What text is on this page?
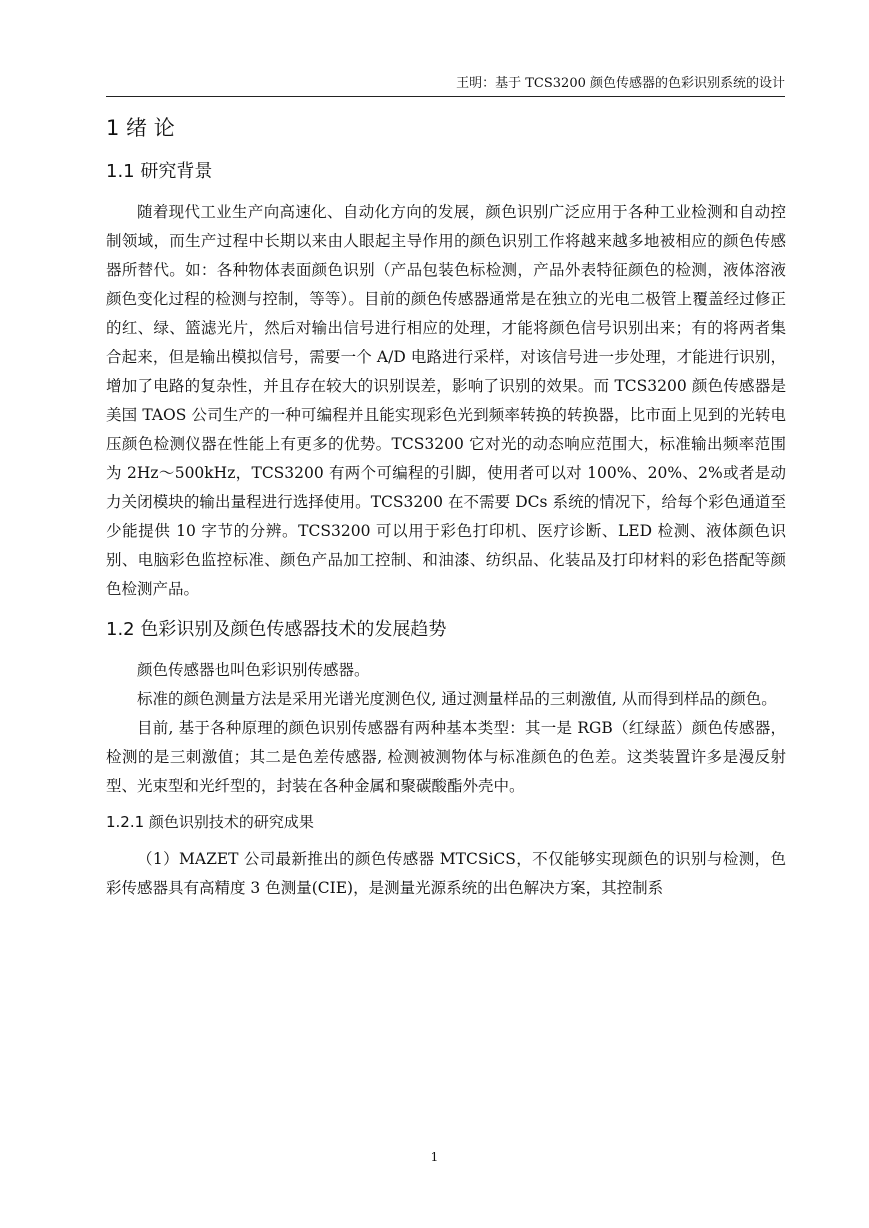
王明：基于 TCS3200 颜色传感器的色彩识别系统的设计
1 绪 论
1.1 研究背景

随着现代工业生产向高速化、自动化方向的发展，颜色识别广泛应用于各种工业检测和自动控制领域，而生产过程中长期以来由人眼起主导作用的颜色识别工作将越来越多地被相应的颜色传感器所替代。如：各种物体表面颜色识别（产品包装色标检测，产品外表特征颜色的检测，液体溶液颜色变化过程的检测与控制，等等）。目前的颜色传感器通常是在独立的光电二极管上覆盖经过修正的红、绿、篮滤光片，然后对输出信号进行相应的处理，才能将颜色信号识别出来；有的将两者集合起来，但是输出模拟信号，需要一个 A/D 电路进行采样，对该信号进一步处理，才能进行识别，增加了电路的复杂性，并且存在较大的识别误差，影响了识别的效果。而 TCS3200 颜色传感器是美国 TAOS 公司生产的一种可编程并且能实现彩色光到频率转换的转换器，比市面上见到的光转电压颜色检测仪器在性能上有更多的优势。TCS3200 它对光的动态响应范围大，标准输出频率范围为 2Hz～500kHz，TCS3200 有两个可编程的引脚，使用者可以对 100%、20%、2%或者是动力关闭模块的输出量程进行选择使用。TCS3200 在不需要 DCs 系统的情况下，给每个彩色通道至少能提供 10 字节的分辨。TCS3200 可以用于彩色打印机、医疗诊断、LED 检测、液体颜色识别、电脑彩色监控标准、颜色产品加工控制、和油漆、纺织品、化装品及打印材料的彩色搭配等颜色检测产品。

1.2 色彩识别及颜色传感器技术的发展趋势

颜色传感器也叫色彩识别传感器。

标准的颜色测量方法是采用光谱光度测色仪, 通过测量样品的三刺激值, 从而得到样品的颜色。

目前, 基于各种原理的颜色识别传感器有两种基本类型：其一是 RGB（红绿蓝）颜色传感器，检测的是三刺激值；其二是色差传感器, 检测被测物体与标准颜色的色差。这类装置许多是漫反射型、光束型和光纤型的，封装在各种金属和聚碳酸酯外壳中。

1.2.1 颜色识别技术的研究成果

（1）MAZET 公司最新推出的颜色传感器 MTCSiCS，不仅能够实现颜色的识别与检测，色彩传感器具有高精度 3 色测量(CIE)，是测量光源系统的出色解决方案，其控制系

1
